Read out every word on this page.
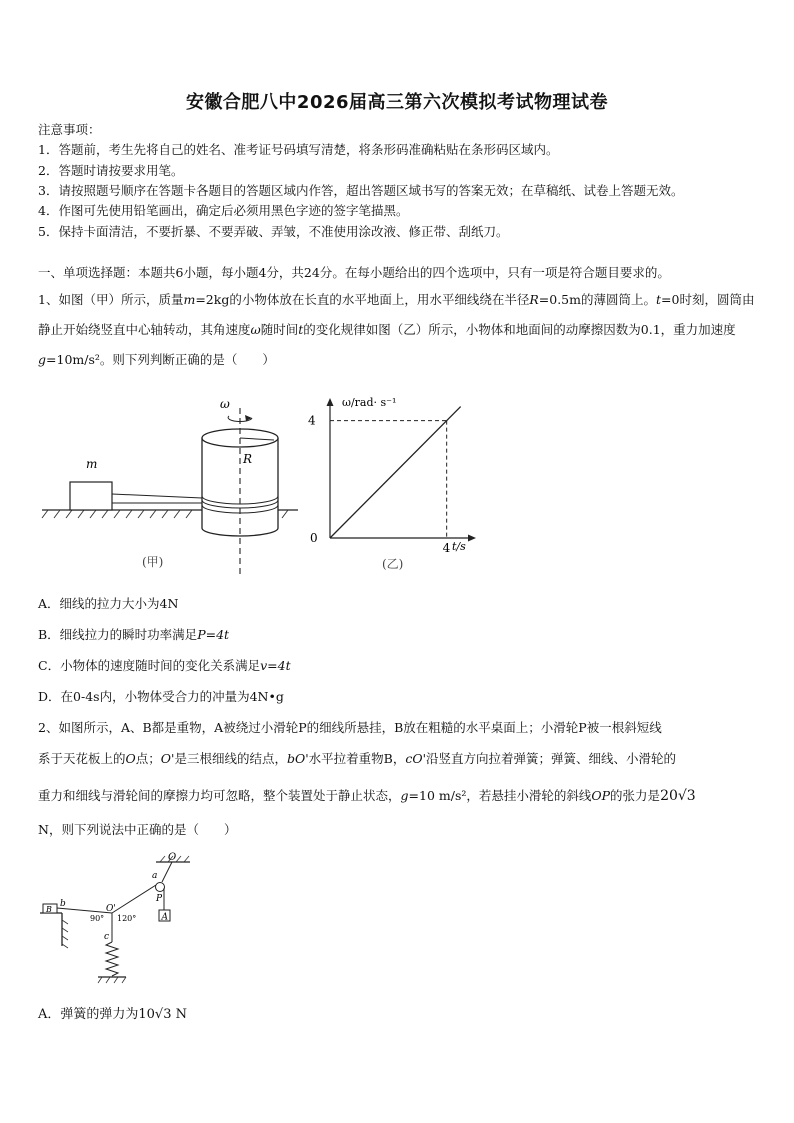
安徽合肥八中2026届高三第六次模拟考试物理试卷
注意事项：
1．答题前，考生先将自己的姓名、准考证号码填写清楚，将条形码准确粘贴在条形码区域内。
2．答题时请按要求用笔。
3．请按照题号顺序在答题卡各题目的答题区域内作答，超出答题区域书写的答案无效；在草稿纸、试卷上答题无效。
4．作图可先使用铅笔画出，确定后必须用黑色字迹的签字笔描黑。
5．保持卡面清洁，不要折暴、不要弄破、弄皱，不准使用涂改液、修正带、刮纸刀。
一、单项选择题：本题共6小题，每小题4分，共24分。在每小题给出的四个选项中，只有一项是符合题目要求的。
1、如图（甲）所示，质量m=2kg的小物体放在长直的水平地面上，用水平细线绕在半径R=0.5m的薄圆筒上。t=0时刻，圆筒由静止开始绕竖直中心轴转动，其角速度ω随时间t的变化规律如图（乙）所示，小物体和地面间的动摩擦因数为0.1，重力加速度g=10m/s²。则下列判断正确的是（　　）
m
ω
R
(甲)
ω/rad· s⁻¹
t/s
0
4
4
(乙)
A．细线的拉力大小为4N
B．细线拉力的瞬时功率满足P=4t
C．小物体的速度随时间的变化关系满足v=4t
D．在0-4s内，小物体受合力的冲量为4N•g
2、如图所示，A、B都是重物，A被绕过小滑轮P的细线所悬挂，B放在粗糙的水平桌面上；小滑轮P被一根斜短线
系于天花板上的O点；O'是三根细线的结点，bO'水平拉着重物B，cO'沿竖直方向拉着弹簧；弹簧、细线、小滑轮的
重力和细线与滑轮间的摩擦力均可忽略，整个装置处于静止状态，g=10 m/s²，若悬挂小滑轮的斜线OP的张力是20√3
N，则下列说法中正确的是（　　）
O
a
P
A
B
b	O'
90° 120°
c
A．弹簧的弹力为10√3 N
